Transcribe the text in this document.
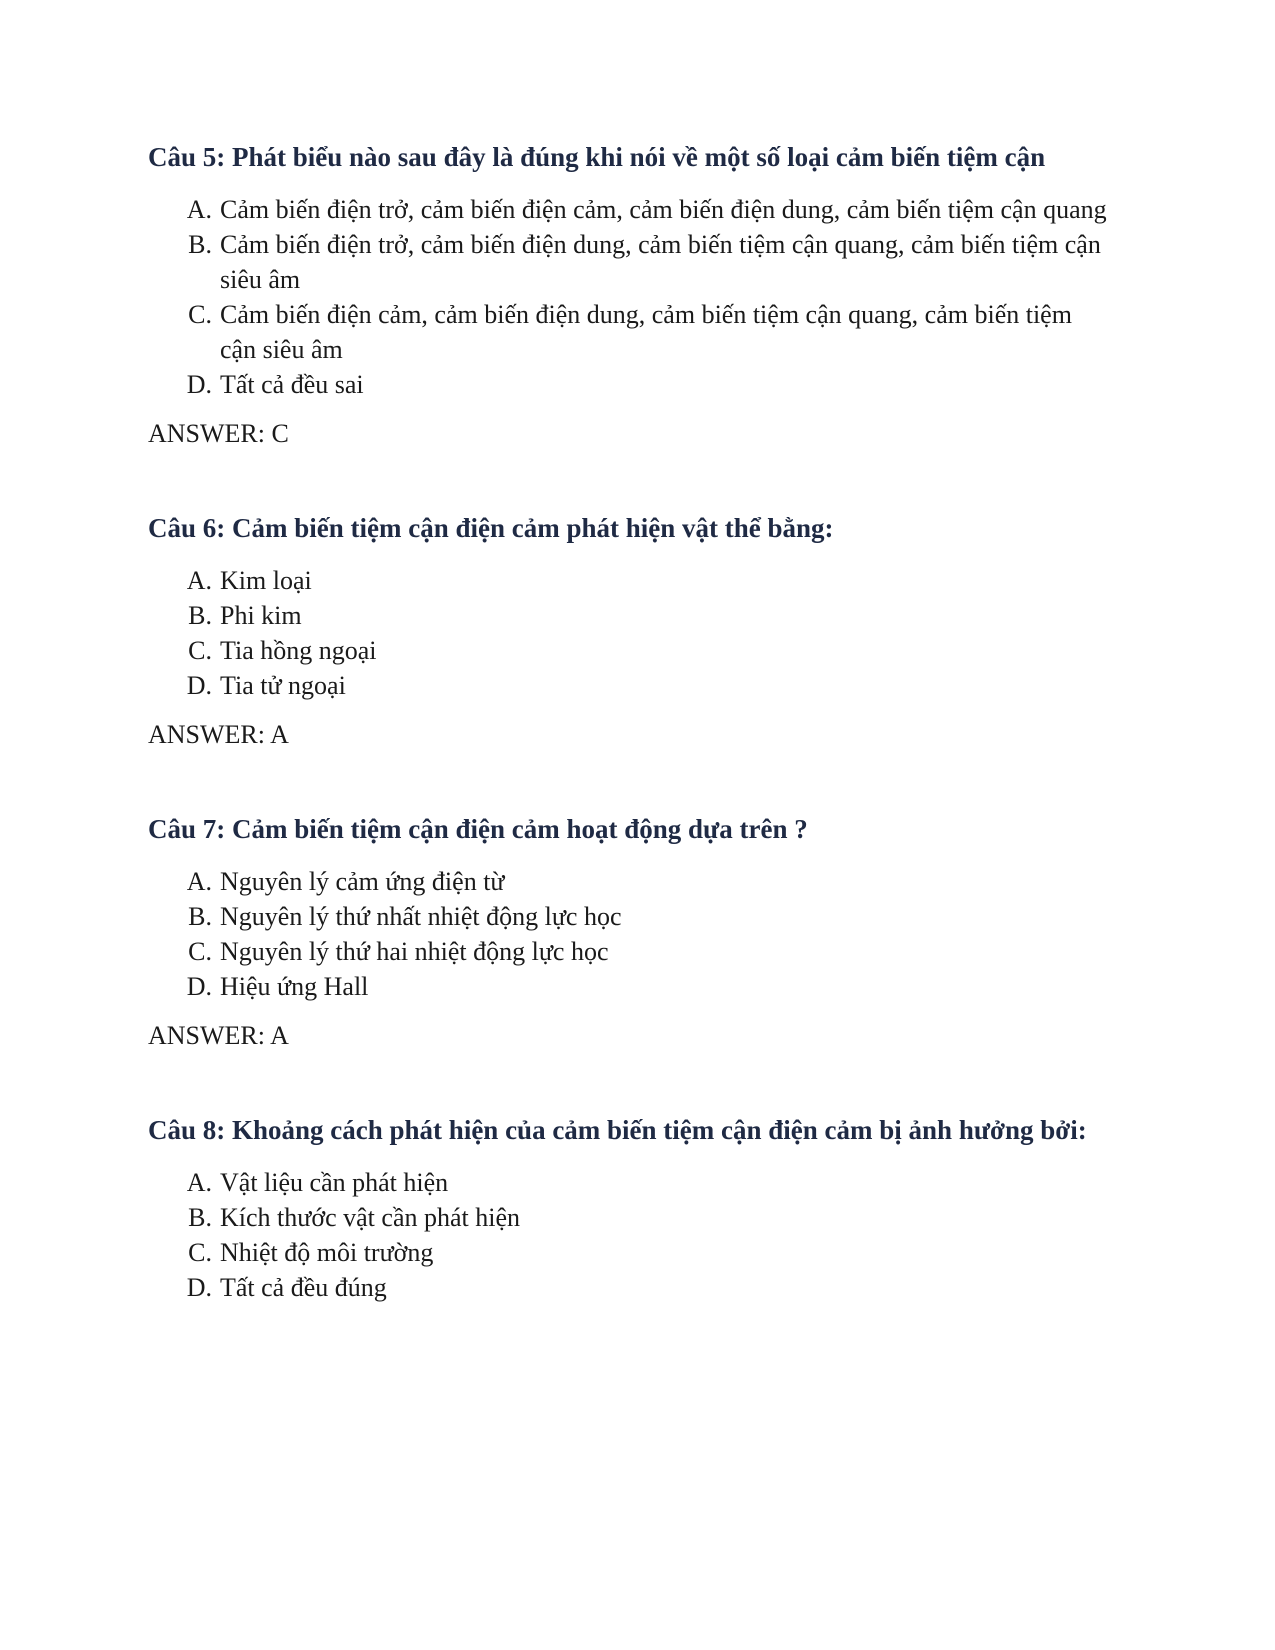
Câu 5: Phát biểu nào sau đây là đúng khi nói về một số loại cảm biến tiệm cận
A. Cảm biến điện trở, cảm biến điện cảm, cảm biến điện dung, cảm biến tiệm cận quang
B. Cảm biến điện trở, cảm biến điện dung, cảm biến tiệm cận quang, cảm biến tiệm cận siêu âm
C. Cảm biến điện cảm, cảm biến điện dung, cảm biến tiệm cận quang, cảm biến tiệm cận siêu âm
D. Tất cả đều sai

ANSWER: C

Câu 6: Cảm biến tiệm cận điện cảm phát hiện vật thể bằng:
A. Kim loại
B. Phi kim
C. Tia hồng ngoại
D. Tia tử ngoại

ANSWER: A

Câu 7: Cảm biến tiệm cận điện cảm hoạt động dựa trên ?
A. Nguyên lý cảm ứng điện từ
B. Nguyên lý thứ nhất nhiệt động lực học
C. Nguyên lý thứ hai nhiệt động lực học
D. Hiệu ứng Hall

ANSWER: A

Câu 8: Khoảng cách phát hiện của cảm biến tiệm cận điện cảm bị ảnh hưởng bởi:
A. Vật liệu cần phát hiện
B. Kích thước vật cần phát hiện
C. Nhiệt độ môi trường
D. Tất cả đều đúng
